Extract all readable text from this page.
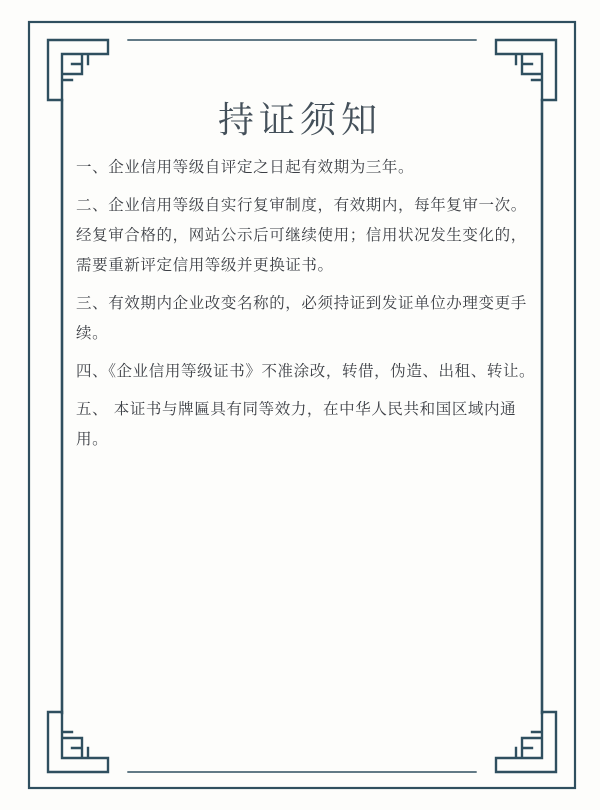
持证须知

一、企业信用等级自评定之日起有效期为三年。

二、企业信用等级自实行复审制度，有效期内，每年复审一次。经复审合格的，网站公示后可继续使用；信用状况发生变化的，需要重新评定信用等级并更换证书。

三、有效期内企业改变名称的，必须持证到发证单位办理变更手续。

四、《企业信用等级证书》不准涂改，转借，伪造、出租、转让。

五、 本证书与牌匾具有同等效力，在中华人民共和国区域内通用。
